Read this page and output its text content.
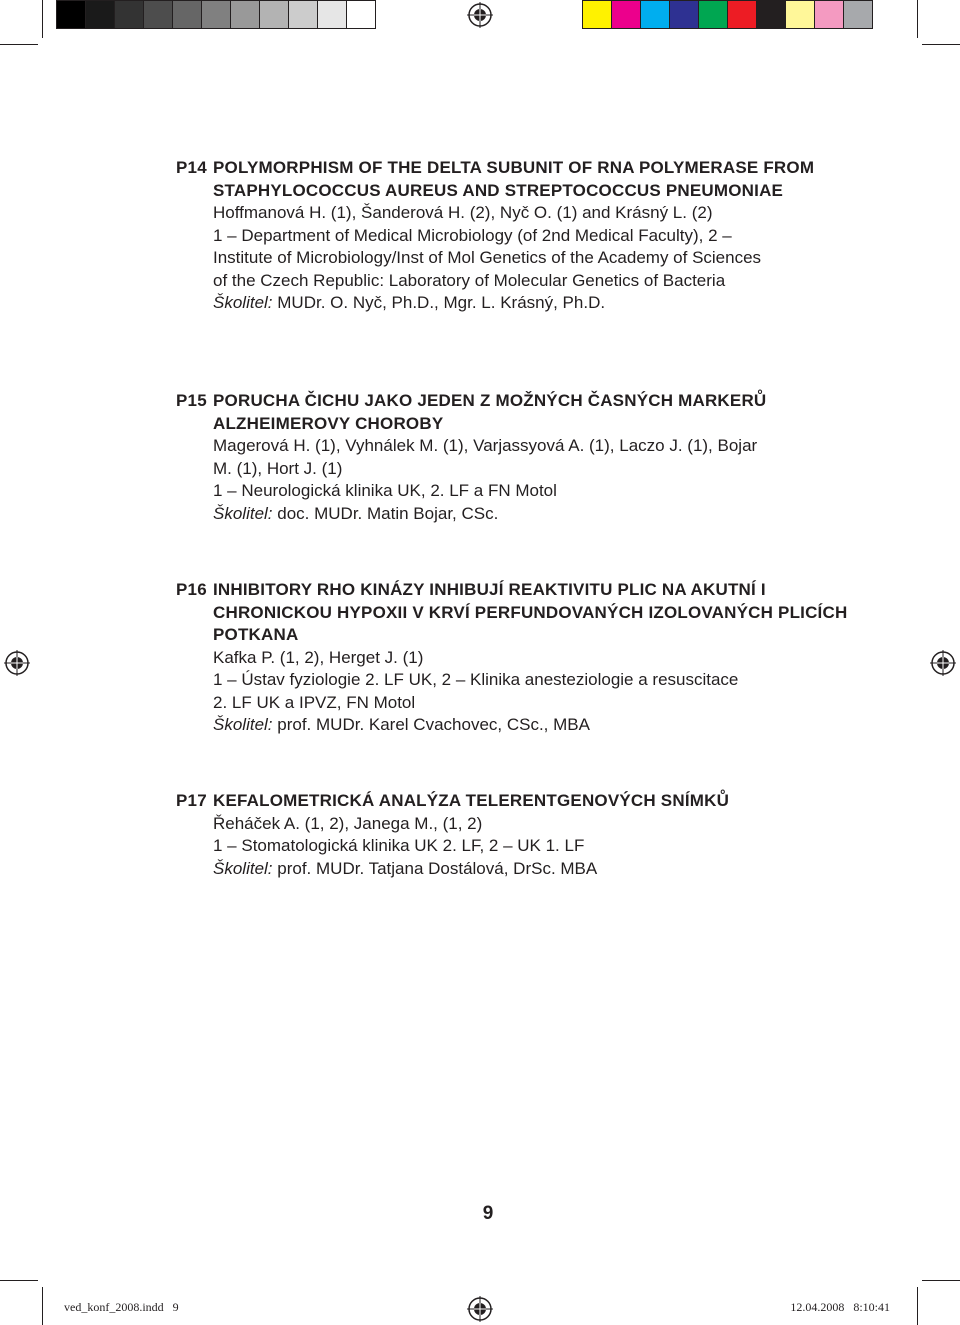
P14 POLYMORPHISM OF THE DELTA SUBUNIT OF RNA POLYMERASE FROM STAPHYLOCOCCUS AUREUS AND STREPTOCOCCUS PNEUMONIAE
Hoffmanová H. (1), Šanderová H. (2), Nyč O. (1) and Krásný L. (2)
1 – Department of Medical Microbiology (of 2nd Medical Faculty), 2 –
Institute of Microbiology/Inst of Mol Genetics of the Academy of Sciences
of the Czech Republic: Laboratory of Molecular Genetics of Bacteria
Školitel: MUDr. O. Nyč, Ph.D., Mgr. L. Krásný, Ph.D.
P15 PORUCHA ČICHU JAKO JEDEN Z MOŽNÝCH ČASNÝCH MARKERŮ ALZHEIMEROVY CHOROBY
Magerová H. (1), Vyhnálek M. (1), Varjassyová A. (1), Laczo J. (1), Bojar
M. (1), Hort J. (1)
1 – Neurologická klinika UK, 2. LF a FN Motol
Školitel: doc. MUDr. Matin Bojar, CSc.
P16 INHIBITORY RHO KINÁZY INHIBUJÍ REAKTIVITU PLIC NA AKUTNÍ I CHRONICKOU HYPOXII V KRVÍ PERFUNDOVANÝCH IZOLOVANÝCH PLICÍCH POTKANA
Kafka P. (1, 2), Herget J. (1)
1 – Ústav fyziologie 2. LF UK, 2 – Klinika anesteziologie a resuscitace
2. LF UK a IPVZ, FN Motol
Školitel: prof. MUDr. Karel Cvachovec, CSc., MBA
P17 KEFALOMETRICKÁ ANALÝZA TELERENTGENOVÝCH SNÍMKŮ
Řeháček A. (1, 2), Janega M., (1, 2)
1 – Stomatologická klinika UK 2. LF, 2 – UK 1. LF
Školitel: prof. MUDr. Tatjana Dostálová, DrSc. MBA
9
ved_konf_2008.indd   9	12.04.2008   8:10:41
